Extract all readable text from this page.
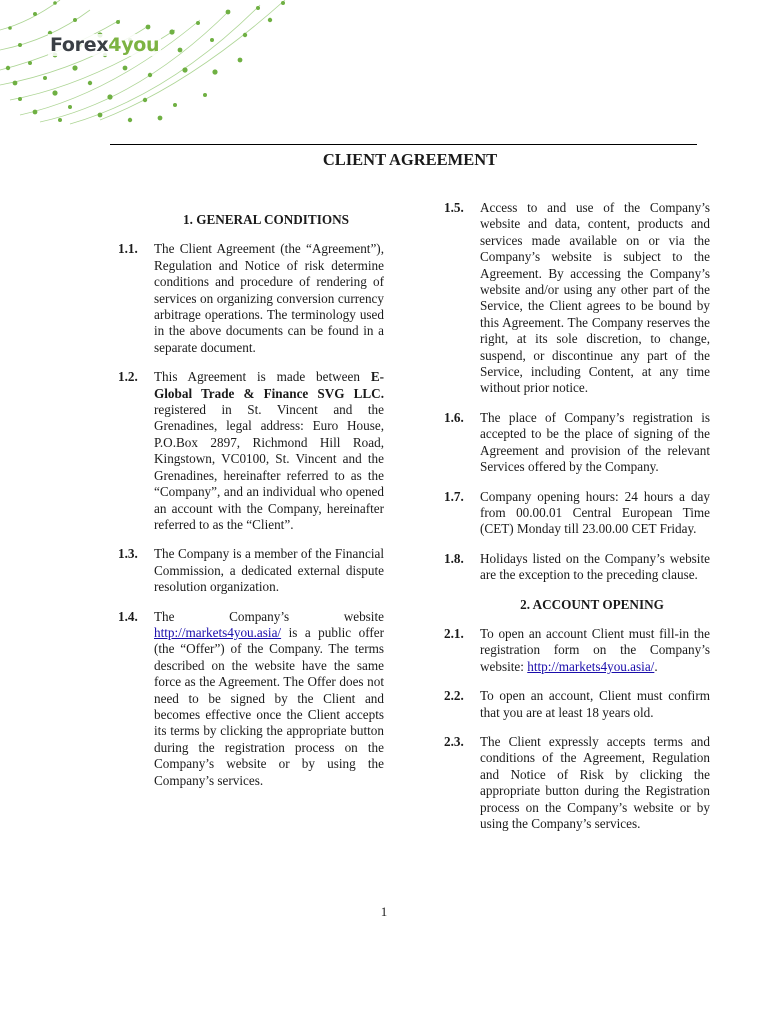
Forex4you
CLIENT AGREEMENT
1. GENERAL CONDITIONS
1.1.	The Client Agreement (the “Agreement”), Regulation and Notice of risk determine conditions and procedure of rendering of services on organizing conversion currency arbitrage operations. The terminology used in the above documents can be found in a separate document.
1.2.	This Agreement is made between E-Global Trade & Finance SVG LLC. registered in St. Vincent and the Grenadines, legal address: Euro House, P.O.Box 2897, Richmond Hill Road, Kingstown, VC0100, St. Vincent and the Grenadines, hereinafter referred to as the “Company”, and an individual who opened an account with the Company, hereinafter referred to as the “Client”.
1.3.	The Company is a member of the Financial Commission, a dedicated external dispute resolution organization.
1.4.	The Company’s website http://markets4you.asia/ is a public offer (the “Offer”) of the Company. The terms described on the website have the same force as the Agreement. The Offer does not need to be signed by the Client and becomes effective once the Client accepts its terms by clicking the appropriate button during the registration process on the Company’s website or by using the Company’s services.
1.5.	Access to and use of the Company’s website and data, content, products and services made available on or via the Company’s website is subject to the Agreement. By accessing the Company’s website and/or using any other part of the Service, the Client agrees to be bound by this Agreement. The Company reserves the right, at its sole discretion, to change, suspend, or discontinue any part of the Service, including Content, at any time without prior notice.
1.6.	The place of Company’s registration is accepted to be the place of signing of the Agreement and provision of the relevant Services offered by the Company.
1.7.	Company opening hours: 24 hours a day from 00.00.01 Central European Time (CET) Monday till 23.00.00 CET Friday.
1.8.	Holidays listed on the Company’s website are the exception to the preceding clause.
2. ACCOUNT OPENING
2.1.	To open an account Client must fill-in the registration form on the Company’s website: http://markets4you.asia/.
2.2.	To open an account, Client must confirm that you are at least 18 years old.
2.3.	The Client expressly accepts terms and conditions of the Agreement, Regulation and Notice of Risk by clicking the appropriate button during the Registration process on the Company’s website or by using the Company’s services.
1
